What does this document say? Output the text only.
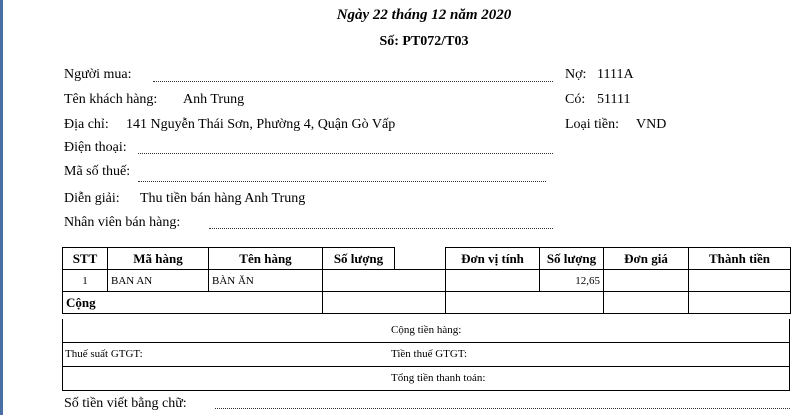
Ngày 22 tháng 12 năm 2020
Số: PT072/T03
Người mua:
Tên khách hàng: Anh Trung
Địa chỉ: 141 Nguyễn Thái Sơn, Phường 4, Quận Gò Vấp
Điện thoại:
Mã số thuế:
Diễn giải: Thu tiền bán hàng Anh Trung
Nhân viên bán hàng:
Nợ: 1111A
Có: 51111
Loại tiền: VND
STT	Mã hàng	Tên hàng	Số lượng		Đơn vị tính	Số lượng	Đơn giá	Thành tiền
1	BAN AN	BÀN ĂN				12,65		
Cộng								
Cộng tiền hàng:
Thuế suất GTGT:	Tiền thuế GTGT:
Tổng tiền thanh toán:
Số tiền viết bằng chữ:
